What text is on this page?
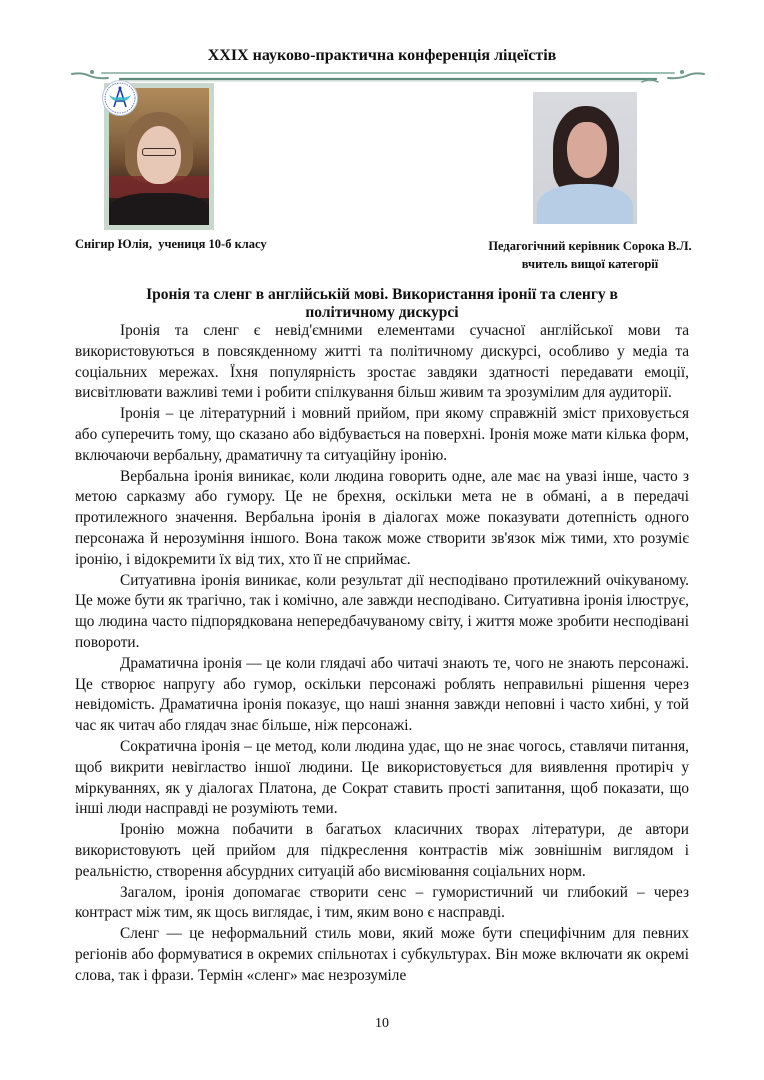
XXIX науково-практична конференція ліцеїстів
Снігир Юлія,  учениця 10-б класу	Педагогічний керівник Сорока В.Л.
вчитель вищої категорії
Іронія та сленг в англійській мові. Використання іронії та сленгу в
політичному дискурсі

Іронія та сленг є невід'ємними елементами сучасної англійської мови та використовуються в повсякденному житті та політичному дискурсі, особливо у медіа та соціальних мережах. Їхня популярність зростає завдяки здатності передавати емоції, висвітлювати важливі теми і робити спілкування більш живим та зрозумілим для аудиторії.

Іронія – це літературний і мовний прийом, при якому справжній зміст приховується або суперечить тому, що сказано або відбувається на поверхні. Іронія може мати кілька форм, включаючи вербальну, драматичну та ситуаційну іронію.

Вербальна іронія виникає, коли людина говорить одне, але має на увазі інше, часто з метою сарказму або гумору. Це не брехня, оскільки мета не в обмані, а в передачі протилежного значення. Вербальна іронія в діалогах може показувати дотепність одного персонажа й нерозуміння іншого. Вона також може створити зв'язок між тими, хто розуміє іронію, і відокремити їх від тих, хто її не сприймає.

Ситуативна іронія виникає, коли результат дії несподівано протилежний очікуваному. Це може бути як трагічно, так і комічно, але завжди несподівано. Ситуативна іронія ілюструє, що людина часто підпорядкована непередбачуваному світу, і життя може зробити несподівані повороти.

Драматична іронія — це коли глядачі або читачі знають те, чого не знають персонажі. Це створює напругу або гумор, оскільки персонажі роблять неправильні рішення через невідомість. Драматична іронія показує, що наші знання завжди неповні і часто хибні, у той час як читач або глядач знає більше, ніж персонажі.

Сократична іронія – це метод, коли людина удає, що не знає чогось, ставлячи питання, щоб викрити невігластво іншої людини. Це використовується для виявлення протиріч у міркуваннях, як у діалогах Платона, де Сократ ставить прості запитання, щоб показати, що інші люди насправді не розуміють теми.

Іронію можна побачити в багатьох класичних творах літератури, де автори використовують цей прийом для підкреслення контрастів між зовнішнім виглядом і реальністю, створення абсурдних ситуацій або висміювання соціальних норм.

Загалом, іронія допомагає створити сенс – гумористичний чи глибокий – через контраст між тим, як щось виглядає, і тим, яким воно є насправді.

Сленг — це неформальний стиль мови, який може бути специфічним для певних регіонів або формуватися в окремих спільнотах і субкультурах. Він може включати як окремі слова, так і фрази. Термін «сленг» має незрозуміле

10
